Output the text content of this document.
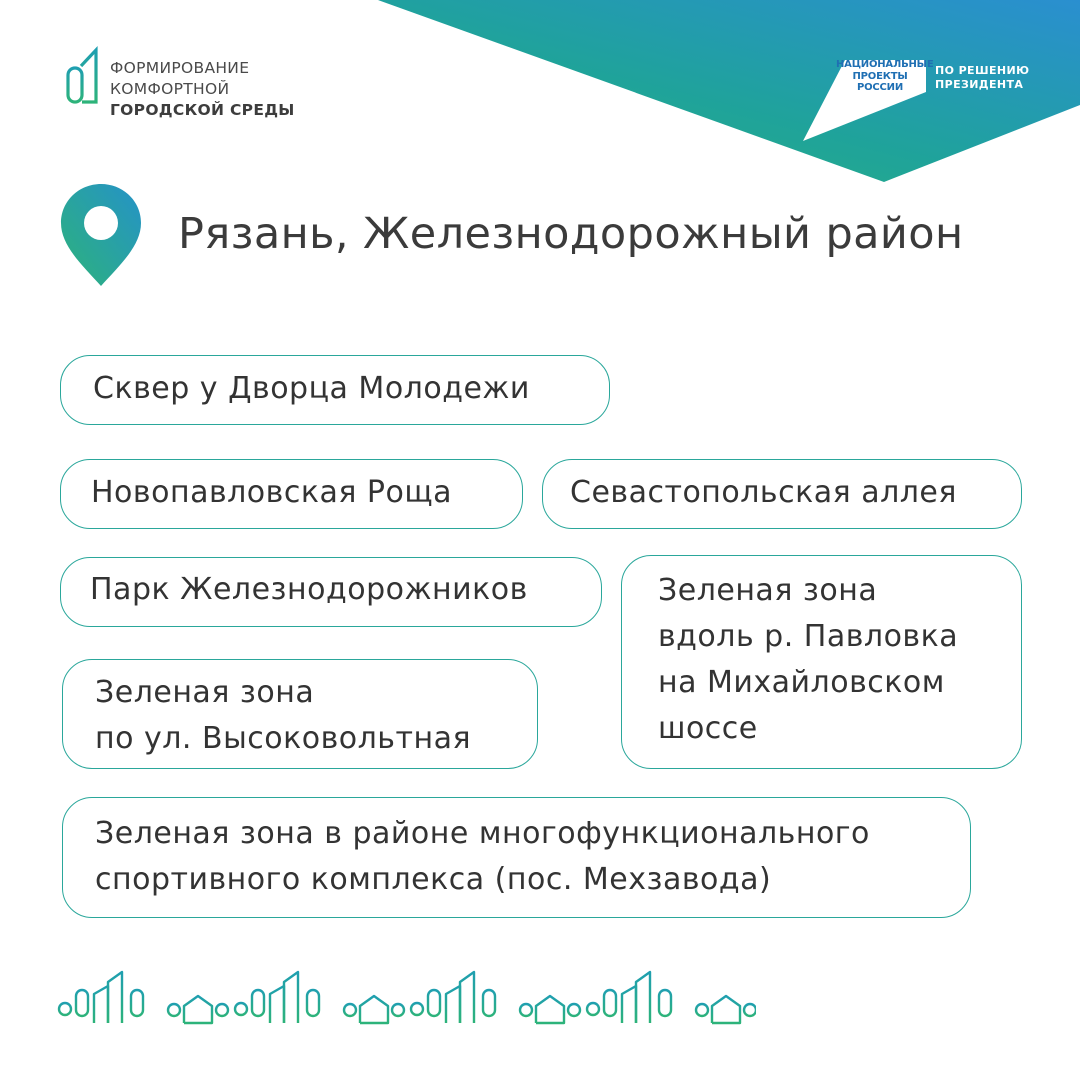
ФОРМИРОВАНИЕ
КОМФОРТНОЙ
ГОРОДСКОЙ СРЕДЫ
НАЦИОНАЛЬНЫЕ
ПРОЕКТЫ
РОССИИ
ПО РЕШЕНИЮ
ПРЕЗИДЕНТА
Рязань, Железнодорожный район
Сквер у Дворца Молодежи
Новопавловская Роща	Севастопольская аллея
Парк Железнодорожников	Зеленая зона
вдоль р. Павловка
на Михайловском
шоссе
Зеленая зона
по ул. Высоковольтная
Зеленая зона в районе многофункционального
спортивного комплекса (пос. Мехзавода)
